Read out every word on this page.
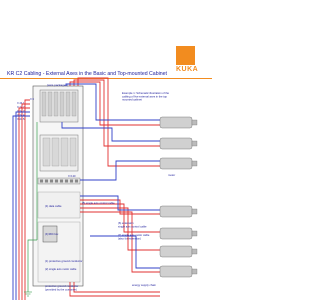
KUKA
KR C2 Cabling - External Axes in the Basic and Top-mounted Cabinet
X 24.1
X 24.2
X 24.3
X 24.4
X 24.5
X 6
X 6.20
(axis packages)
Example 1: Schematic illustration of the cabling of five external axes in the top mounted cabinet
motor
(3) RDC box
(5) single axis control cable
(4) data cable
(1) protective ground conductor
(2) single axis motor cable
protective ground conductor (provided by the customer)
(6) extension single axis control cable
(7) single axis motor cable (also for extension)
energy supply chain
